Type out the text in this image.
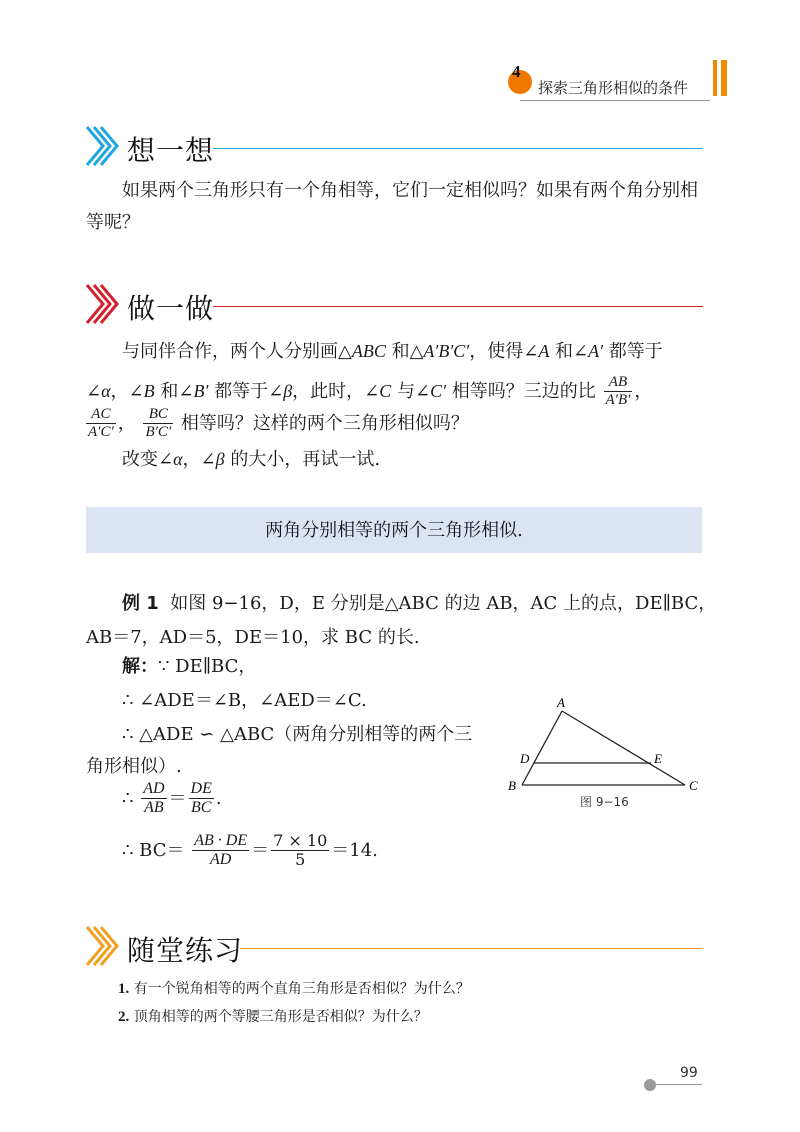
4
探索三角形相似的条件
想一想
如果两个三角形只有一个角相等，它们一定相似吗？如果有两个角分别相
等呢？
做一做
与同伴合作，两个人分别画△ABC 和△A′B′C′，使得∠A 和∠A′ 都等于
∠α，∠B 和∠B′ 都等于∠β，此时，∠C 与∠C′ 相等吗？三边的比 $\frac{AB}{A'B'}$ ，
$\frac{AC}{A'C'}$ ， $\frac{BC}{B'C'}$ 相等吗？这样的两个三角形相似吗？
改变∠α，∠β 的大小，再试一试.
两角分别相等的两个三角形相似.
例 1 如图 9−16，D，E 分别是△ABC 的边 AB，AC 上的点，DE∥BC，
AB＝7，AD＝5，DE＝10，求 BC 的长.
解：∵ DE∥BC，
∴ ∠ADE＝∠B，∠AED＝∠C.
∴ △ADE ∽ △ABC（两角分别相等的两个三
角形相似）.
∴ $\frac{AD}{AB} = \frac{DE}{BC}$ .
∴ $BC= \frac{AB \cdot DE}{AD} = \frac{7 \times 10}{5} =14$.
A
B	C
D	E
图 9−16
随堂练习
1. 有一个锐角相等的两个直角三角形是否相似？为什么？
2. 顶角相等的两个等腰三角形是否相似？为什么？
99
